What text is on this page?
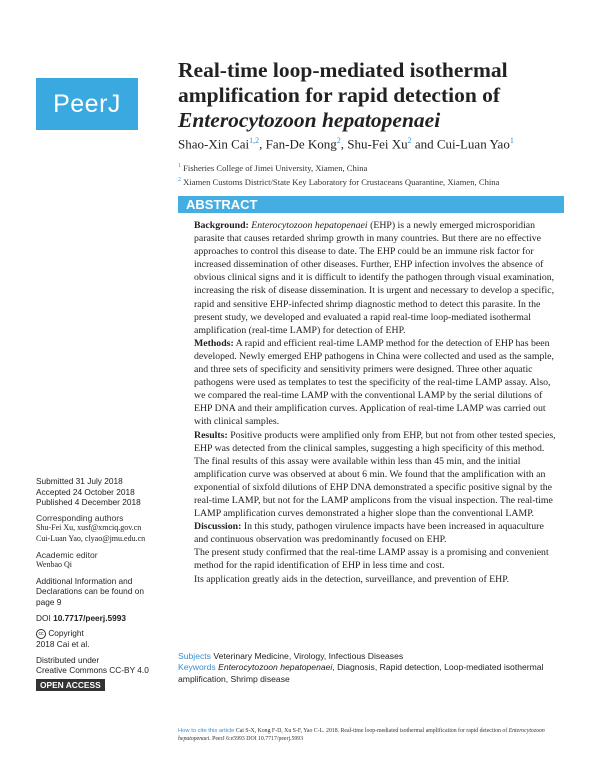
PeerJ
Real-time loop-mediated isothermal
amplification for rapid detection of
Enterocytozoon hepatopenaei
Shao-Xin Cai$^{1,2}$, Fan-De Kong$^2$, Shu-Fei Xu$^2$ and Cui-Luan Yao$^1$
$^1$ Fisheries College of Jimei University, Xiamen, China
$^2$ Xiamen Customs District/State Key Laboratory for Crustaceans Quarantine, Xiamen, China
ABSTRACT

Background: Enterocytozoon hepatopenaei (EHP) is a newly emerged microsporidian parasite that causes retarded shrimp growth in many countries. But there are no effective approaches to control this disease to date. The EHP could be an immune risk factor for increased dissemination of other diseases. Further, EHP infection involves the absence of obvious clinical signs and it is difficult to identify the pathogen through visual examination, increasing the risk of disease dissemination. It is urgent and necessary to develop a specific, rapid and sensitive EHP-infected shrimp diagnostic method to detect this parasite. In the present study, we developed and evaluated a rapid real-time loop-mediated isothermal amplification (real-time LAMP) for detection of EHP.

Methods: A rapid and efficient real-time LAMP method for the detection of EHP has been developed. Newly emerged EHP pathogens in China were collected and used as the sample, and three sets of specificity and sensitivity primers were designed. Three other aquatic pathogens were used as templates to test the specificity of the real-time LAMP assay. Also, we compared the real-time LAMP with the conventional LAMP by the serial dilutions of EHP DNA and their amplification curves. Application of real-time LAMP was carried out with clinical samples.

Results: Positive products were amplified only from EHP, but not from other tested species, EHP was detected from the clinical samples, suggesting a high specificity of this method. The final results of this assay were available within less than 45 min, and the initial amplification curve was observed at about 6 min. We found that the amplification with an exponential of sixfold dilutions of EHP DNA demonstrated a specific positive signal by the real-time LAMP, but not for the LAMP amplicons from the visual inspection. The real-time LAMP amplification curves demonstrated a higher slope than the conventional LAMP.

Discussion: In this study, pathogen virulence impacts have been increased in aquaculture and continuous observation was predominantly focused on EHP.

The present study confirmed that the real-time LAMP assay is a promising and convenient method for the rapid identification of EHP in less time and cost.

Its application greatly aids in the detection, surveillance, and prevention of EHP.

Submitted 31 July 2018
Accepted 24 October 2018
Published 4 December 2018
Corresponding authors
Shu-Fei Xu, xusf@xmciq.gov.cn
Cui-Luan Yao, clyao@jmu.edu.cn
Academic editor
Wenbao Qi
Additional Information and Declarations can be found on page 9
DOI 10.7717/peerj.5993
cc Copyright
2018 Cai et al.
Distributed under
Creative Commons CC-BY 4.0
OPEN ACCESS
Subjects Veterinary Medicine, Virology, Infectious Diseases
Keywords Enterocytozoon hepatopenaei, Diagnosis, Rapid detection, Loop-mediated isothermal amplification, Shrimp disease
How to cite this article Cai S-X, Kong F-D, Xu S-F, Yao C-L. 2018. Real-time loop-mediated isothermal amplification for rapid detection of Enterocytozoon hepatopenaei. PeerJ 6:e5993 DOI 10.7717/peerj.5993
